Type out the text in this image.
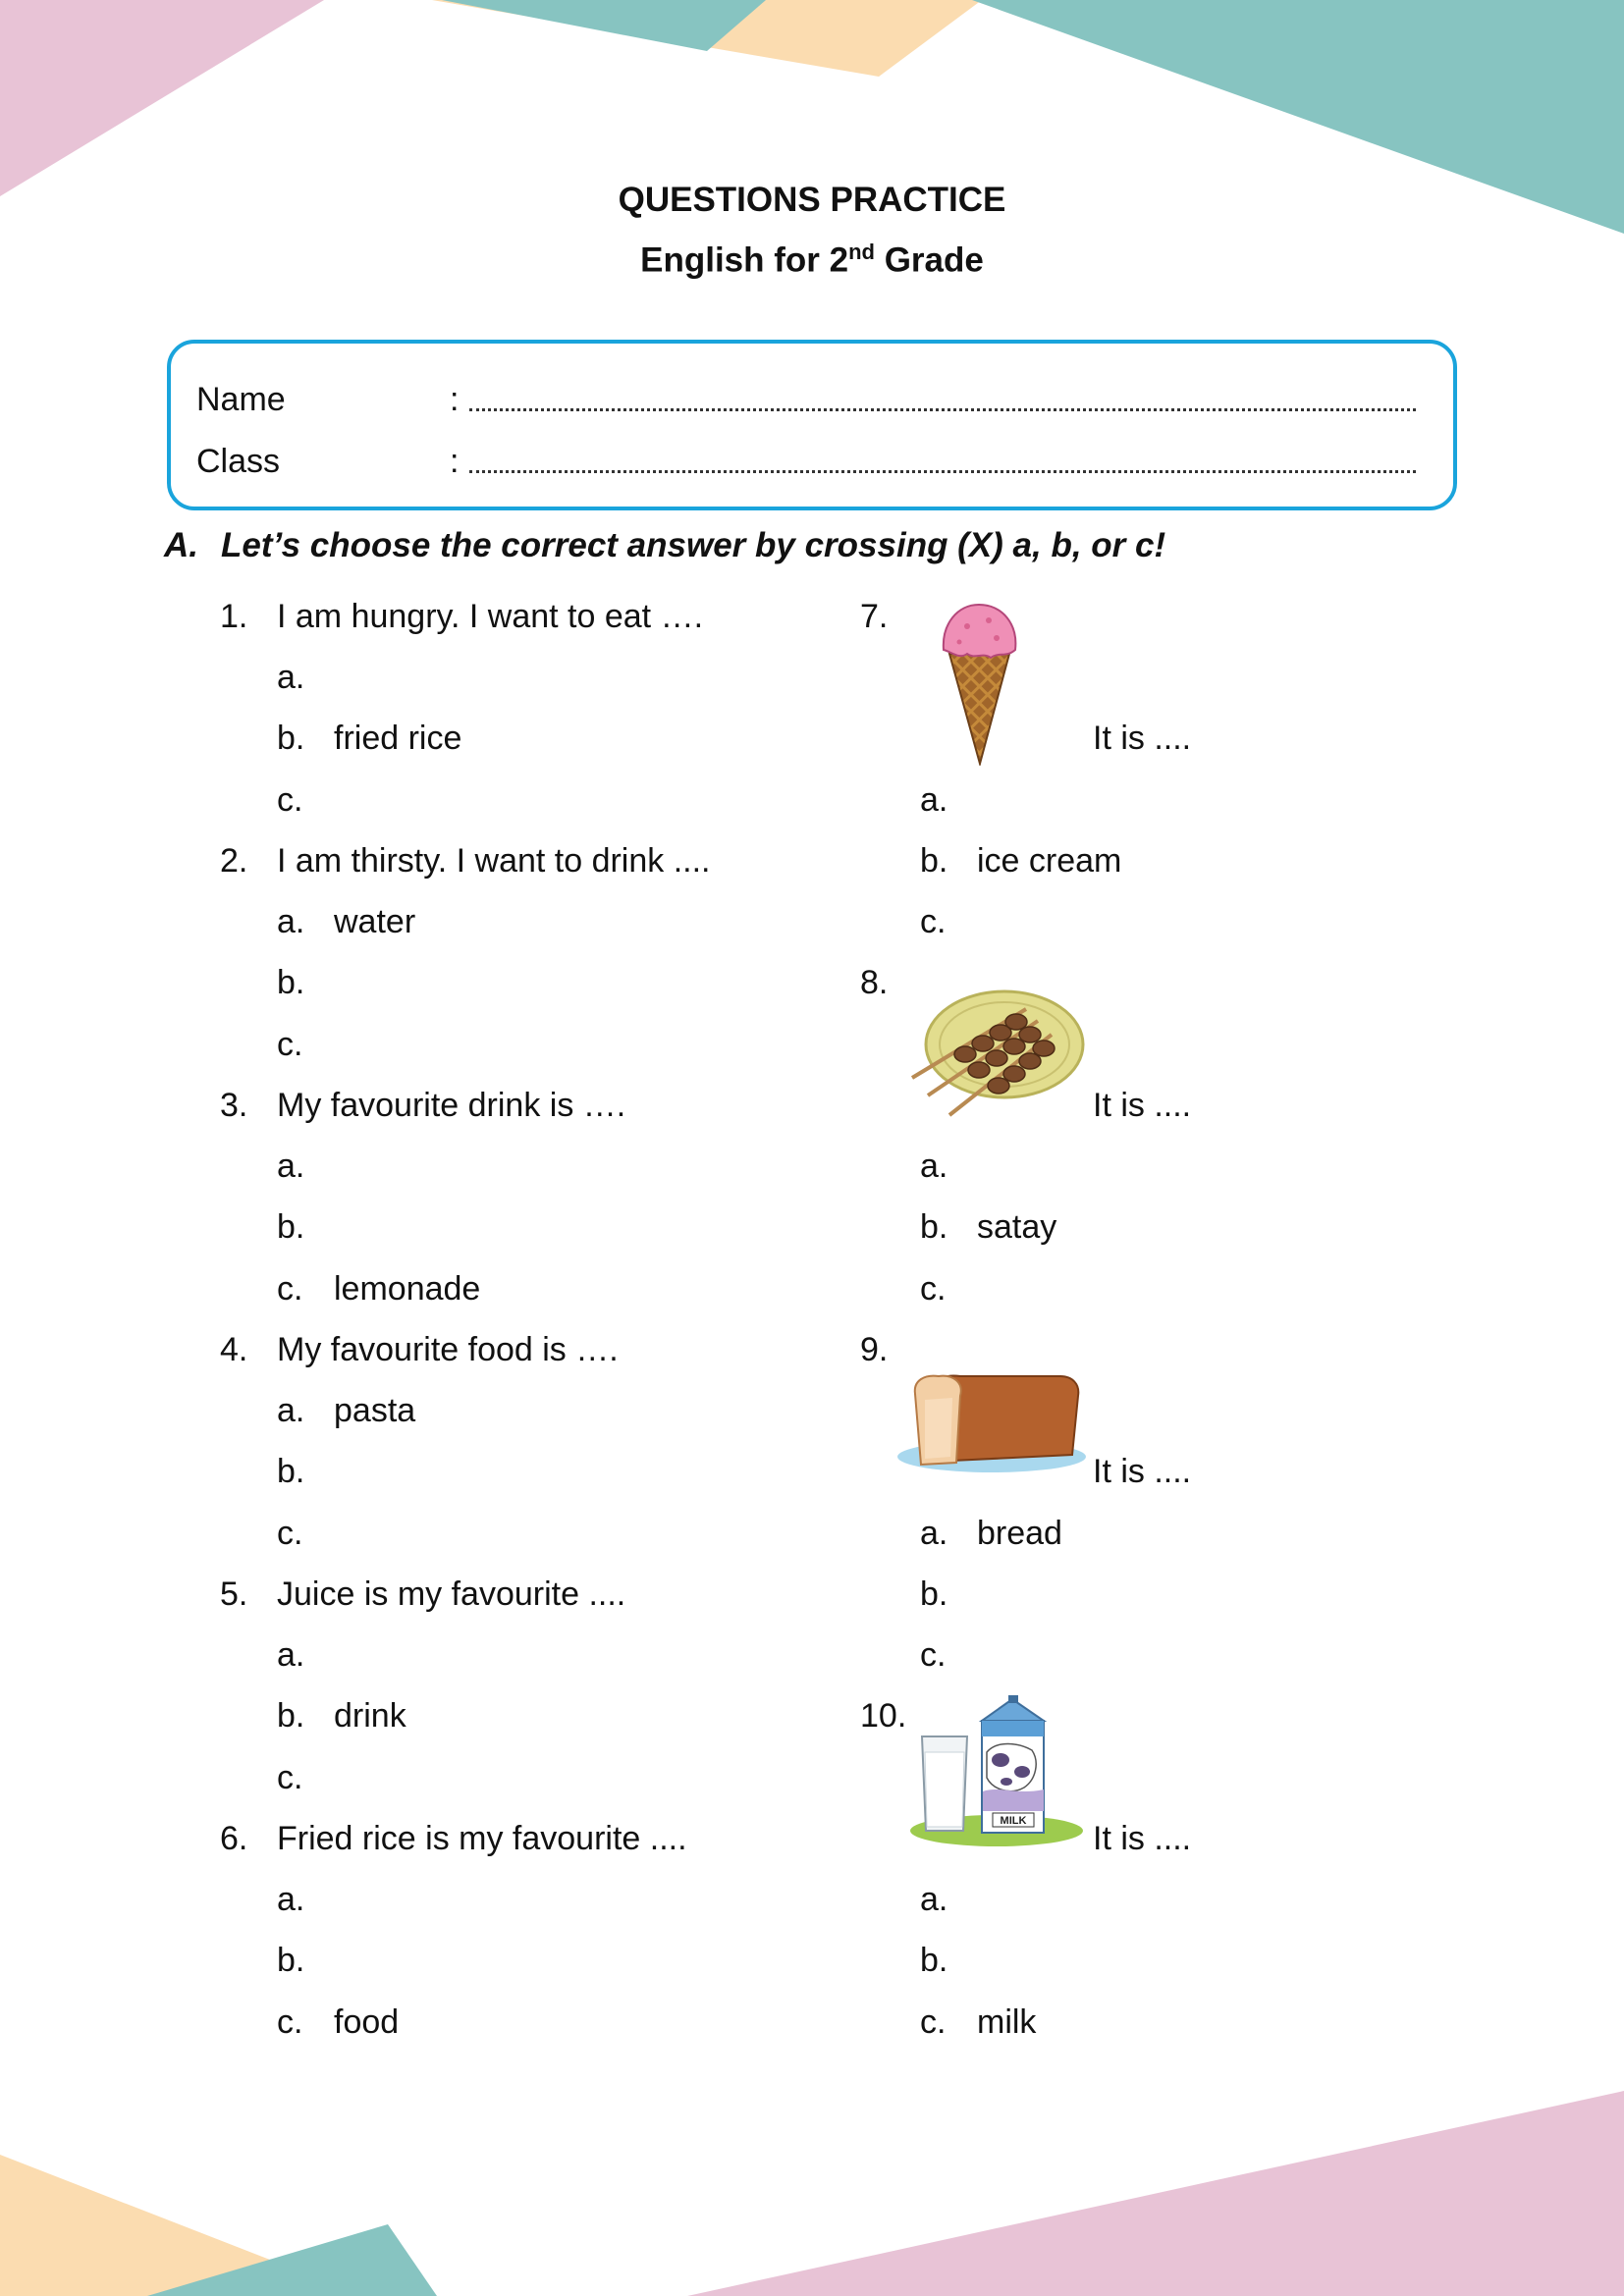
QUESTIONS PRACTICE
English for 2nd Grade
Name	:
Class	:
A. Let’s choose the correct answer by crossing (X) a, b, or c!
1. I am hungry. I want to eat ….
a.
b. fried rice
c.
2. I am thirsty. I want to drink ....
a. water
b.
c.
3. My favourite drink is ….
a.
b.
c. lemonade
4. My favourite food is ….
a. pasta
b.
c.
5. Juice is my favourite ....
a.
b. drink
c.
6. Fried rice is my favourite ....
a.
b.
c. food
7.
It is ....
a.
b. ice cream
c.
8.
It is ....
a.
b. satay
c.
9.
It is ....
a. bread
b.
c.
10.
MILK It is ....
a.
b.
c. milk
